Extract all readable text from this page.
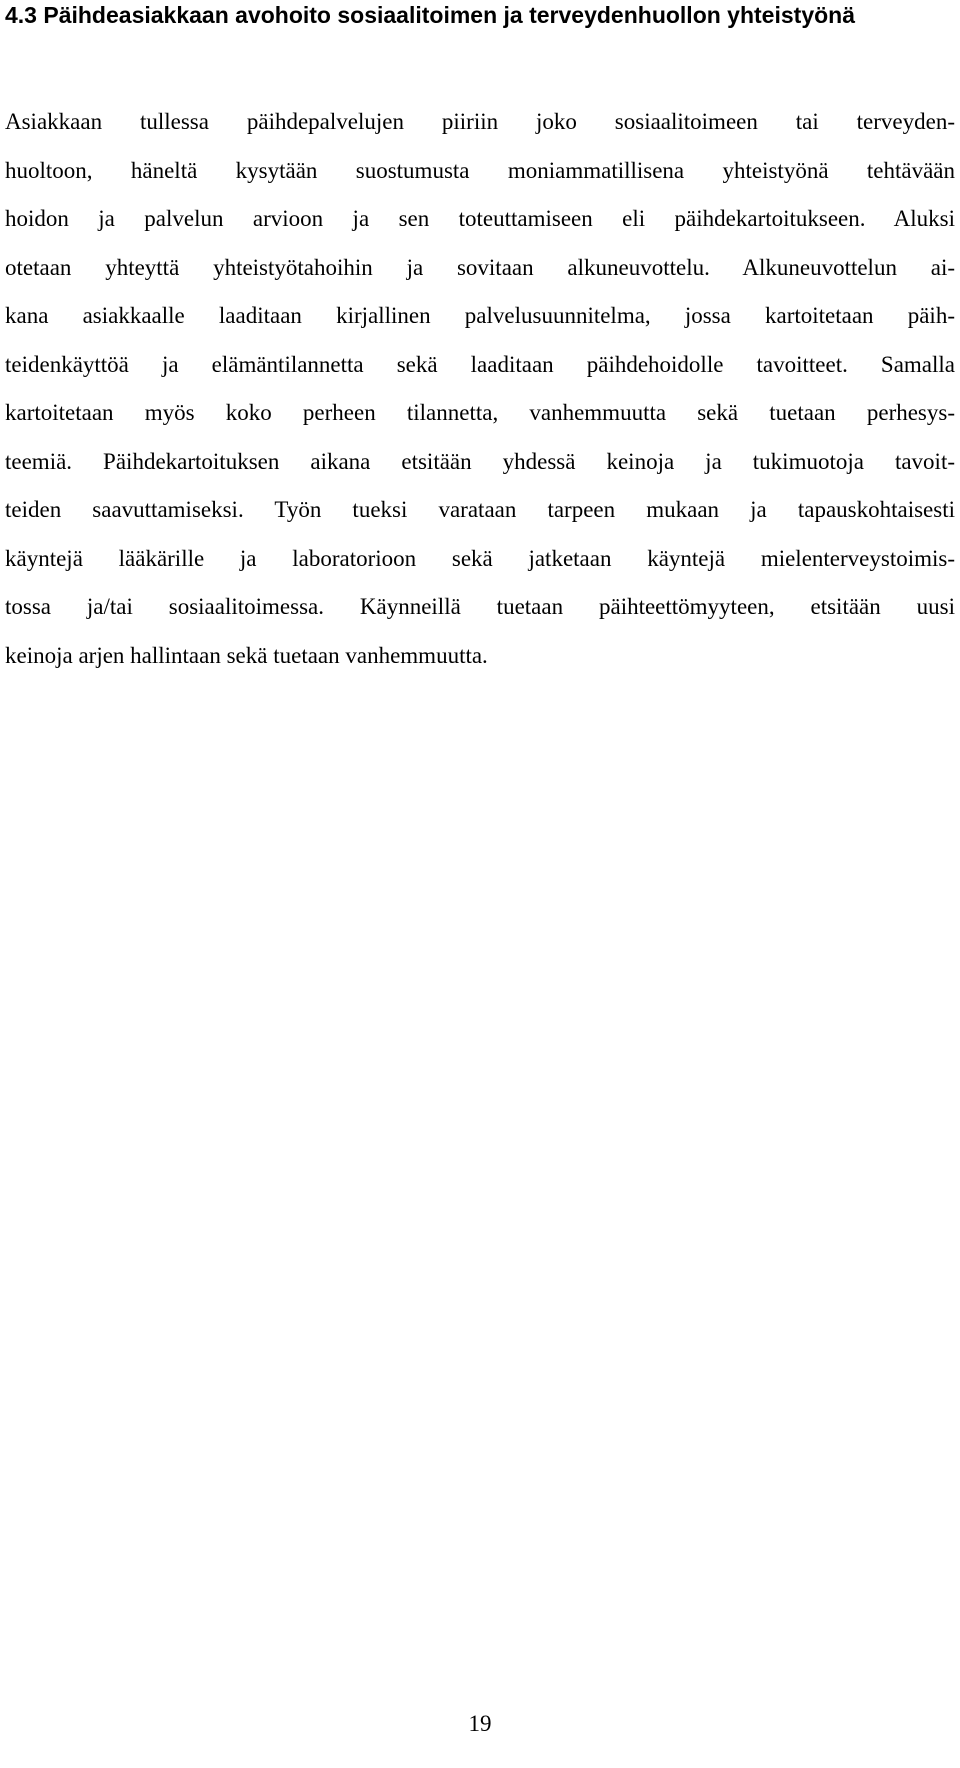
4.3 Päihdeasiakkaan avohoito sosiaalitoimen ja terveydenhuollon yhteistyönä
Asiakkaan tullessa päihdepalvelujen piiriin joko sosiaalitoimeen tai terveyden-
huoltoon, häneltä kysytään suostumusta moniammatillisena yhteistyönä tehtävään
hoidon ja palvelun arvioon ja sen toteuttamiseen eli päihdekartoitukseen. Aluksi
otetaan yhteyttä yhteistyötahoihin ja sovitaan alkuneuvottelu. Alkuneuvottelun ai-
kana asiakkaalle laaditaan kirjallinen palvelusuunnitelma, jossa kartoitetaan päih-
teidenkäyttöä ja elämäntilannetta sekä laaditaan päihdehoidolle tavoitteet. Samalla
kartoitetaan myös koko perheen tilannetta, vanhemmuutta sekä tuetaan perhesys-
teemiä. Päihdekartoituksen aikana etsitään yhdessä keinoja ja tukimuotoja tavoit-
teiden saavuttamiseksi. Työn tueksi varataan tarpeen mukaan ja tapauskohtaisesti
käyntejä lääkärille ja laboratorioon sekä jatketaan käyntejä mielenterveystoimis-
tossa ja/tai sosiaalitoimessa. Käynneillä tuetaan päihteettömyyteen, etsitään uusi
keinoja arjen hallintaan sekä tuetaan vanhemmuutta.
19
